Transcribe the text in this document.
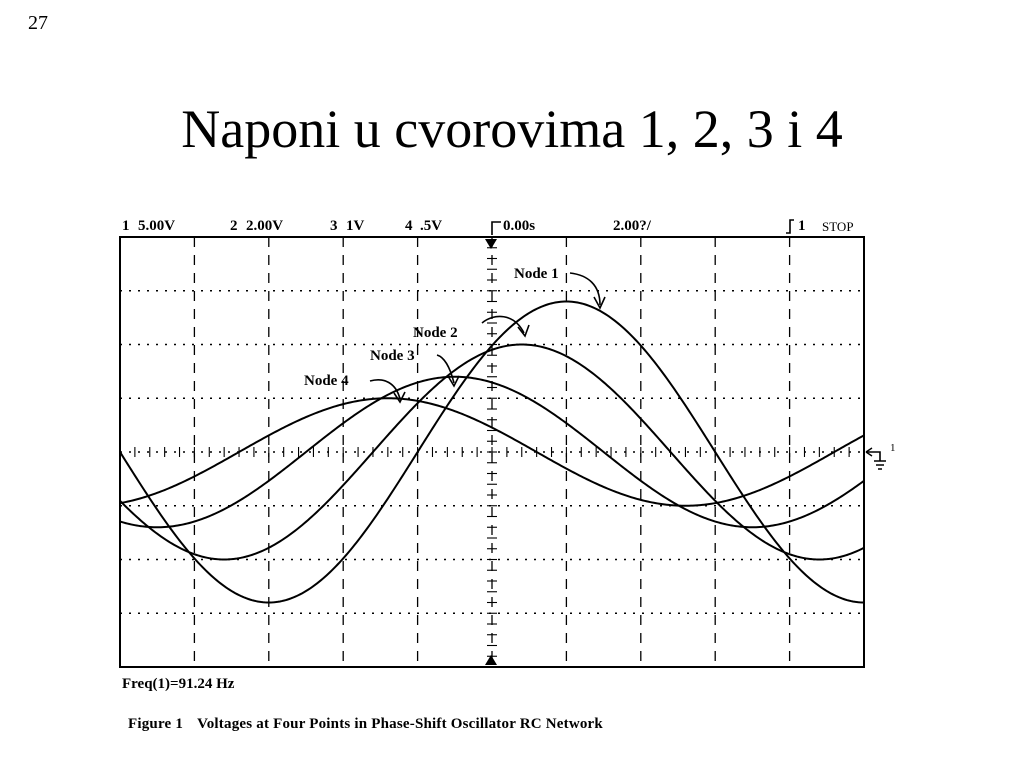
27
Naponi u cvorovima 1, 2, 3 i 4
1 5.00V	2 2.00V	3 1V	4 .5V	0.00s	2.00?/	1 STOP
Node 1
Node 2
Node 3
Node 4
1
Freq(1)=91.24 Hz
Figure 1 Voltages at Four Points in Phase-Shift Oscillator RC Network
